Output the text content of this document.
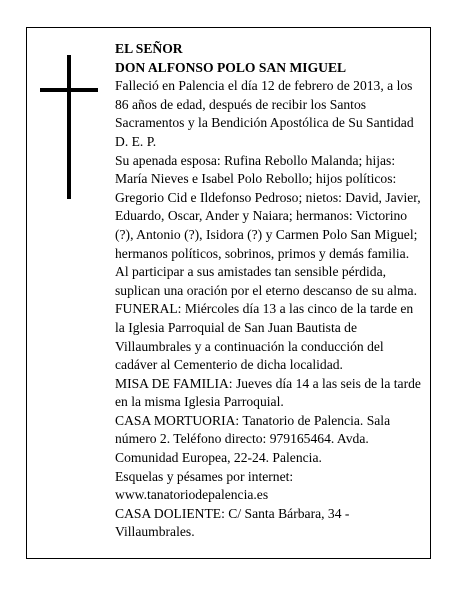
EL SEÑOR

DON ALFONSO POLO SAN MIGUEL

Falleció en Palencia el día 12 de febrero de 2013, a los 86 años de edad, después de recibir los Santos Sacramentos y la Bendición Apostólica de Su Santidad D. E. P.

Su apenada esposa: Rufina Rebollo Malanda; hijas: María Nieves e Isabel Polo Rebollo; hijos políticos: Gregorio Cid e Ildefonso Pedroso; nietos: David, Javier, Eduardo, Oscar, Ander y Naiara; hermanos: Victorino (?), Antonio (?), Isidora (?) y Carmen Polo San Miguel; hermanos políticos, sobrinos, primos y demás familia.

Al participar a sus amistades tan sensible pérdida, suplican una oración por el eterno descanso de su alma.

FUNERAL: Miércoles día 13 a las cinco de la tarde en la Iglesia Parroquial de San Juan Bautista de Villaumbrales y a continuación la conducción del cadáver al Cementerio de dicha localidad.

MISA DE FAMILIA: Jueves día 14 a las seis de la tarde en la misma Iglesia Parroquial.

CASA MORTUORIA: Tanatorio de Palencia. Sala número 2. Teléfono directo: 979165464. Avda. Comunidad Europea, 22-24. Palencia.

Esquelas y pésames por internet: www.tanatoriodepalencia.es

CASA DOLIENTE: C/ Santa Bárbara, 34 - Villaumbrales.
